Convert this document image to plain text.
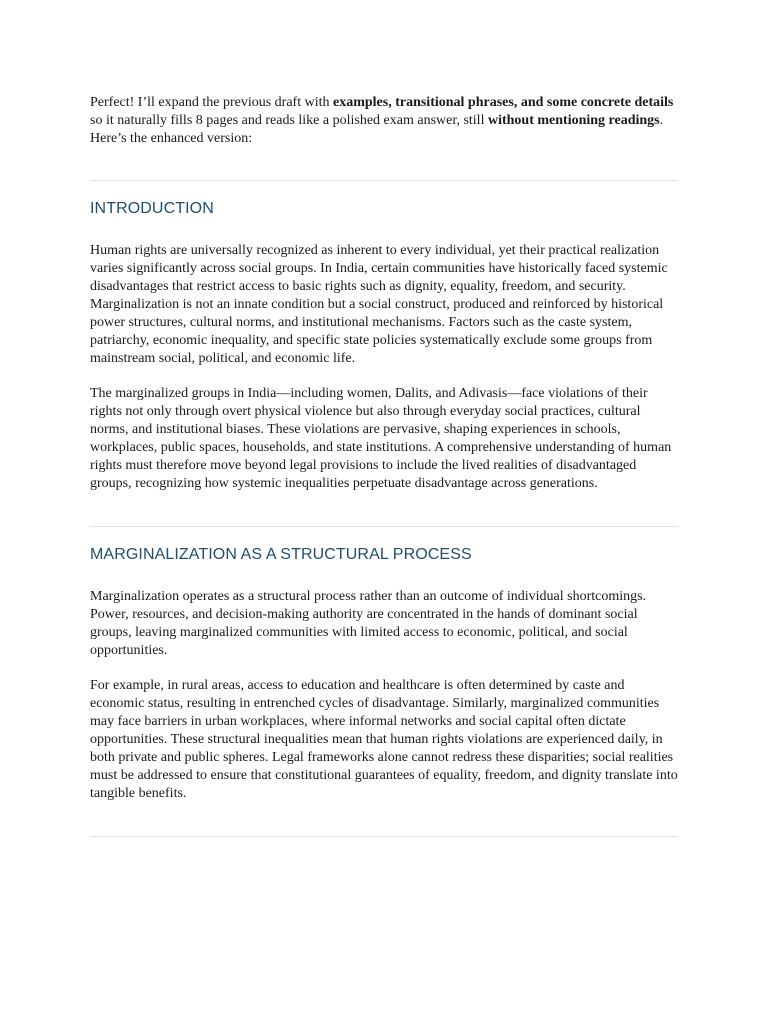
Perfect! I’ll expand the previous draft with examples, transitional phrases, and some concrete details so it naturally fills 8 pages and reads like a polished exam answer, still without mentioning readings. Here’s the enhanced version:

INTRODUCTION

Human rights are universally recognized as inherent to every individual, yet their practical realization varies significantly across social groups. In India, certain communities have historically faced systemic disadvantages that restrict access to basic rights such as dignity, equality, freedom, and security. Marginalization is not an innate condition but a social construct, produced and reinforced by historical power structures, cultural norms, and institutional mechanisms. Factors such as the caste system, patriarchy, economic inequality, and specific state policies systematically exclude some groups from mainstream social, political, and economic life.

The marginalized groups in India—including women, Dalits, and Adivasis—face violations of their rights not only through overt physical violence but also through everyday social practices, cultural norms, and institutional biases. These violations are pervasive, shaping experiences in schools, workplaces, public spaces, households, and state institutions. A comprehensive understanding of human rights must therefore move beyond legal provisions to include the lived realities of disadvantaged groups, recognizing how systemic inequalities perpetuate disadvantage across generations.

MARGINALIZATION AS A STRUCTURAL PROCESS

Marginalization operates as a structural process rather than an outcome of individual shortcomings. Power, resources, and decision-making authority are concentrated in the hands of dominant social groups, leaving marginalized communities with limited access to economic, political, and social opportunities.

For example, in rural areas, access to education and healthcare is often determined by caste and economic status, resulting in entrenched cycles of disadvantage. Similarly, marginalized communities may face barriers in urban workplaces, where informal networks and social capital often dictate opportunities. These structural inequalities mean that human rights violations are experienced daily, in both private and public spheres. Legal frameworks alone cannot redress these disparities; social realities must be addressed to ensure that constitutional guarantees of equality, freedom, and dignity translate into tangible benefits.
